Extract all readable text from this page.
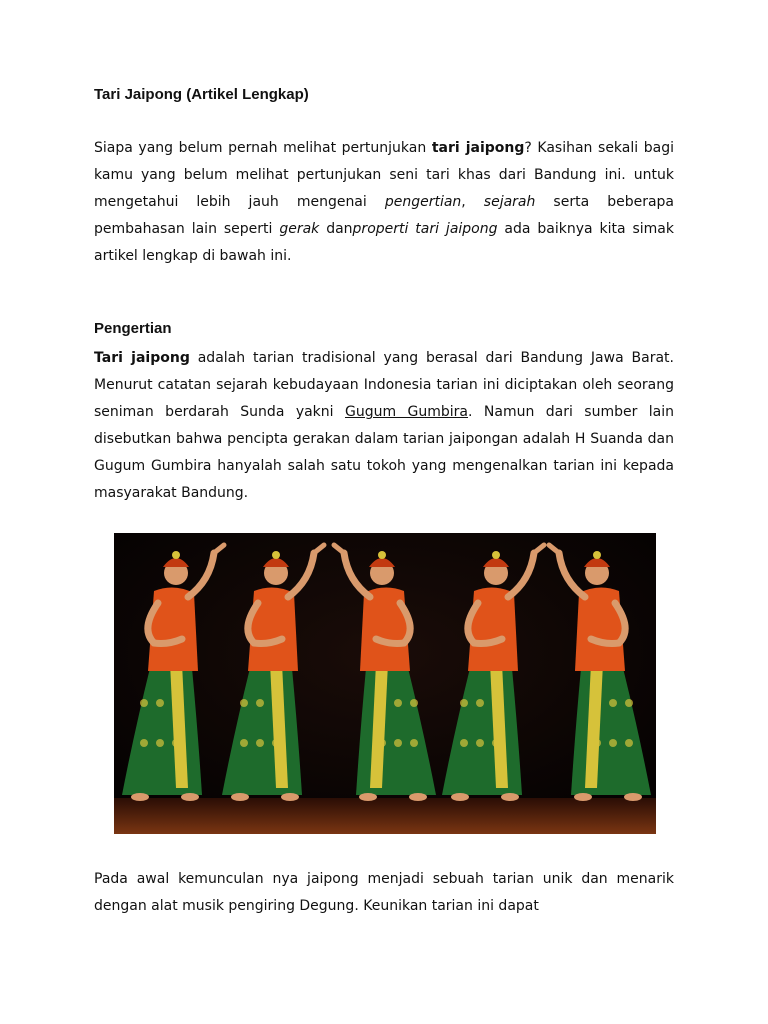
Tari Jaipong (Artikel Lengkap)

Siapa yang belum pernah melihat pertunjukan tari jaipong? Kasihan sekali bagi kamu yang belum melihat pertunjukan seni tari khas dari Bandung ini. untuk mengetahui lebih jauh mengenai pengertian, sejarah serta beberapa pembahasan lain seperti gerak danproperti tari jaipong ada baiknya kita simak artikel lengkap di bawah ini.

Pengertian

Tari jaipong adalah tarian tradisional yang berasal dari Bandung Jawa Barat. Menurut catatan sejarah kebudayaan Indonesia tarian ini diciptakan oleh seorang seniman berdarah Sunda yakni Gugum Gumbira. Namun dari sumber lain disebutkan bahwa pencipta gerakan dalam tarian jaipongan adalah H Suanda dan Gugum Gumbira hanyalah salah satu tokoh yang mengenalkan tarian ini kepada masyarakat Bandung.

Pada awal kemunculan nya jaipong menjadi sebuah tarian unik dan menarik dengan alat musik pengiring Degung. Keunikan tarian ini dapat
